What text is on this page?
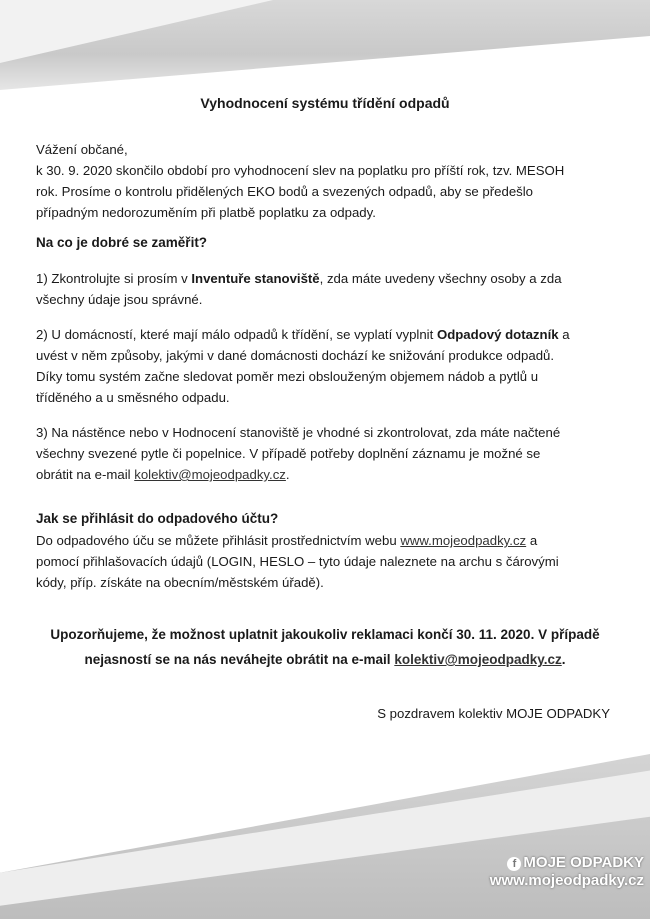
Vyhodnocení systému třídění odpadů
Vážení občané,
k 30. 9. 2020 skončilo období pro vyhodnocení slev na poplatku pro příští rok, tzv. MESOH
rok. Prosíme o kontrolu přidělených EKO bodů a svezených odpadů, aby se předešlo
případným nedorozuměním při platbě poplatku za odpady.
Na co je dobré se zaměřit?
1) Zkontrolujte si prosím v Inventuře stanoviště, zda máte uvedeny všechny osoby a zda
všechny údaje jsou správné.
2) U domácností, které mají málo odpadů k třídění, se vyplatí vyplnit Odpadový dotazník a
uvést v něm způsoby, jakými v dané domácnosti dochází ke snižování produkce odpadů.
Díky tomu systém začne sledovat poměr mezi obslouženým objemem nádob a pytlů u
tříděného a u směsného odpadu.
3) Na nástěnce nebo v Hodnocení stanoviště je vhodné si zkontrolovat, zda máte načtené
všechny svezené pytle či popelnice. V případě potřeby doplnění záznamu je možné se
obrátit na e-mail kolektiv@mojeodpadky.cz.
Jak se přihlásit do odpadového účtu?
Do odpadového úču se můžete přihlásit prostřednictvím webu www.mojeodpadky.cz a
pomocí přihlašovacích údajů (LOGIN, HESLO – tyto údaje naleznete na archu s čárovými
kódy, příp. získáte na obecním/městském úřadě).
Upozorňujeme, že možnost uplatnit jakoukoliv reklamaci končí 30. 11. 2020. V případě
nejasností se na nás neváhejte obrátit na e-mail kolektiv@mojeodpadky.cz.
S pozdravem kolektiv MOJE ODPADKY
f MOJE ODPADKY
www.mojeodpadky.cz
